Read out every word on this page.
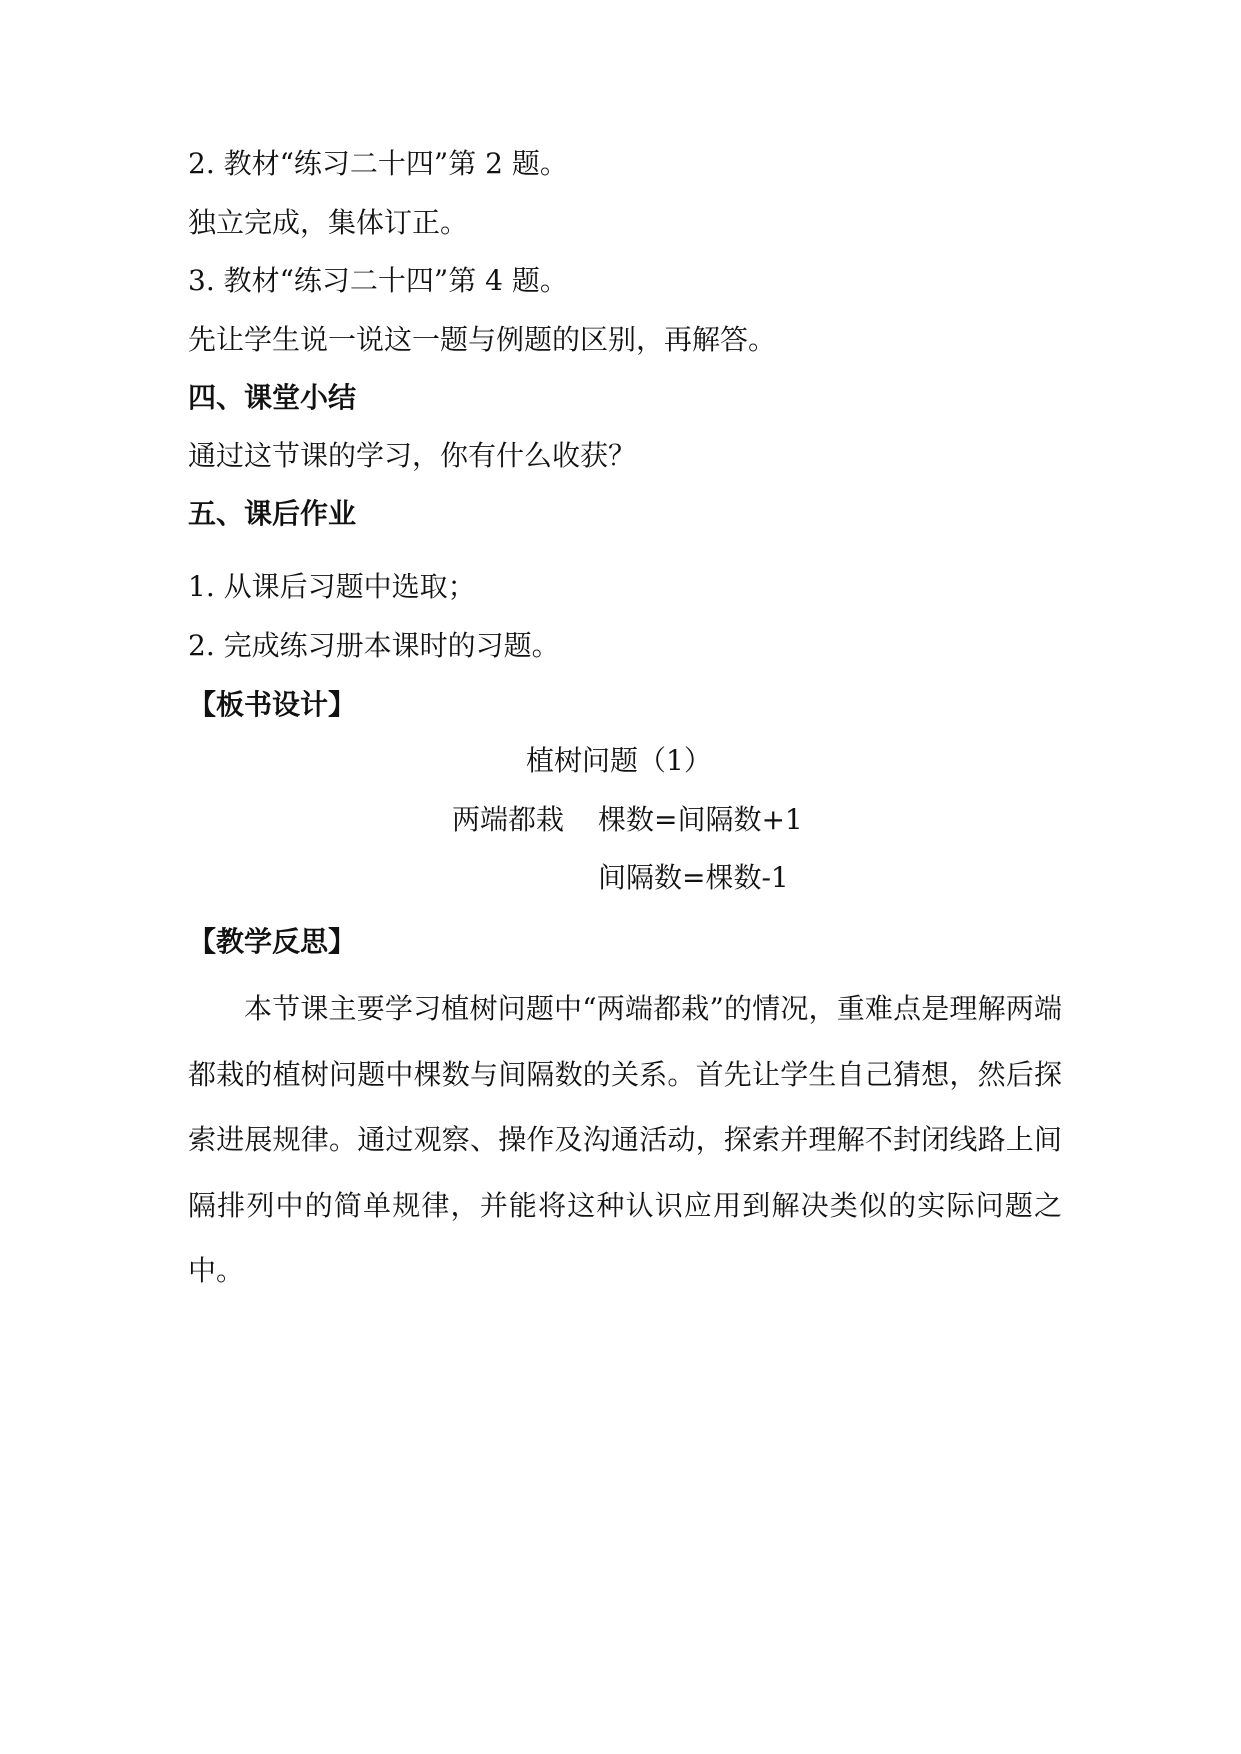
2. 教材“练习二十四”第 2 题。
独立完成，集体订正。
3. 教材“练习二十四”第 4 题。
先让学生说一说这一题与例题的区别，再解答。
四、课堂小结
通过这节课的学习，你有什么收获？
五、课后作业
1. 从课后习题中选取；
2. 完成练习册本课时的习题。
【板书设计】
植树问题（1）
两端都栽 棵数=间隔数+1
间隔数=棵数-1
【教学反思】

本节课主要学习植树问题中“两端都栽”的情况，重难点是理解两端都栽的植树问题中棵数与间隔数的关系。首先让学生自己猜想，然后探索进展规律。通过观察、操作及沟通活动，探索并理解不封闭线路上间隔排列中的简单规律，并能将这种认识应用到解决类似的实际问题之中。
